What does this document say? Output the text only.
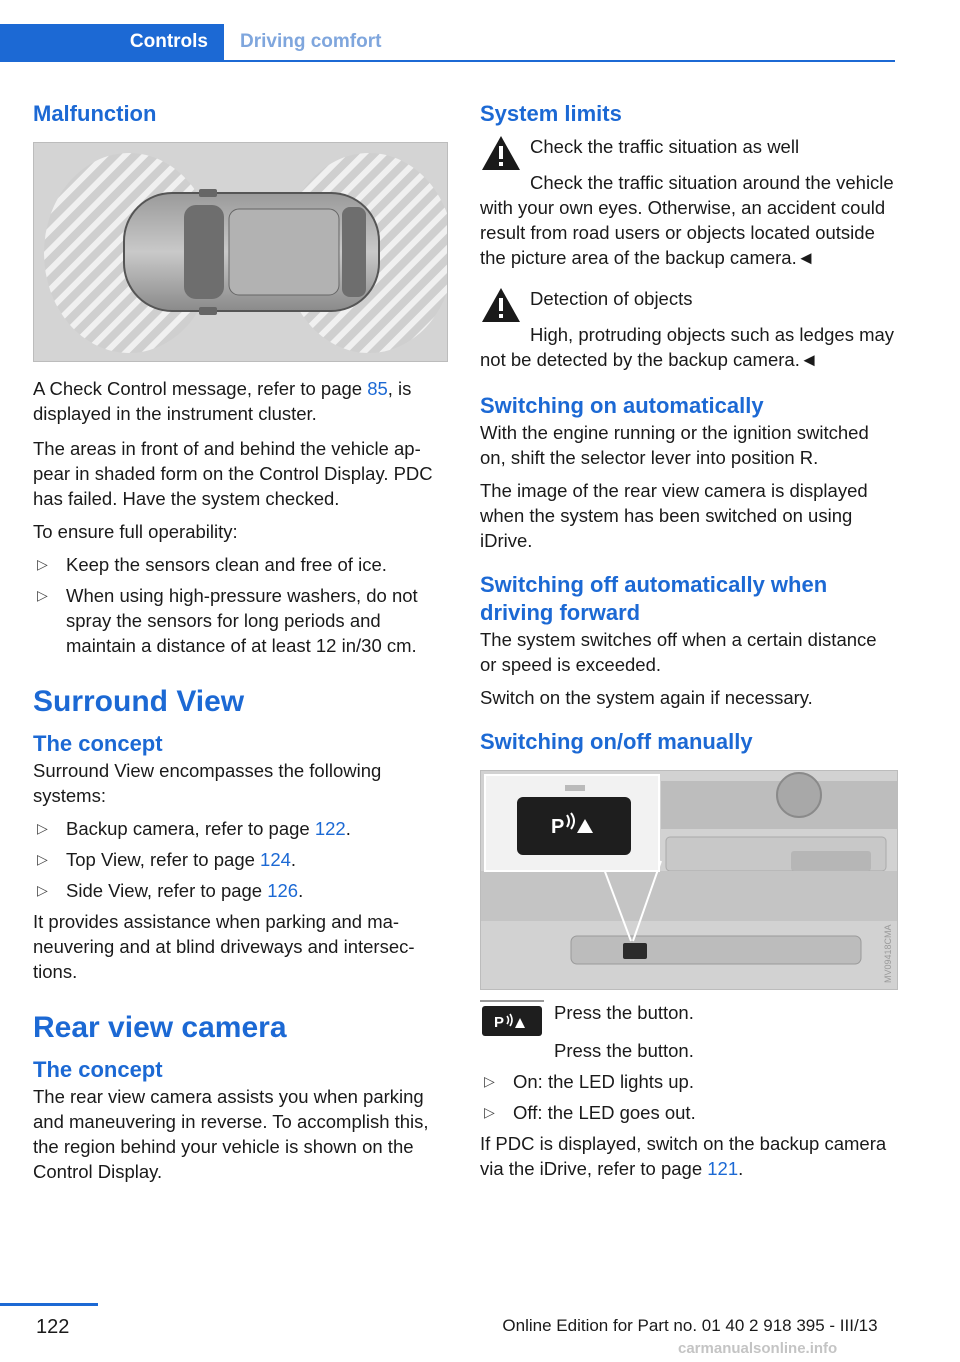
Controls	Driving comfort
Malfunction

A Check Control message, refer to page 85, is displayed in the instrument cluster.

The areas in front of and behind the vehicle appear in shaded form on the Control Display. PDC has failed. Have the system checked.

To ensure full operability:

▷ Keep the sensors clean and free of ice.
▷ When using high-pressure washers, do not spray the sensors for long periods and maintain a distance of at least 12 in/30 cm.
Surround View
The concept

Surround View encompasses the following systems:

▷ Backup camera, refer to page 122.
▷ Top View, refer to page 124.
▷ Side View, refer to page 126.

It provides assistance when parking and maneuvering and at blind driveways and intersections.

Rear view camera
The concept

The rear view camera assists you when parking and maneuvering in reverse. To accomplish this, the region behind your vehicle is shown on the Control Display.

System limits

Check the traffic situation as well

Check the traffic situation around the vehicle with your own eyes. Otherwise, an accident could result from road users or objects located outside the picture area of the backup camera.◄

Detection of objects

High, protruding objects such as ledges may not be detected by the backup camera.◄

Switching on automatically

With the engine running or the ignition switched on, shift the selector lever into position R.

The image of the rear view camera is displayed when the system has been switched on using iDrive.

Switching off automatically when driving forward

The system switches off when a certain distance or speed is exceeded.

Switch on the system again if necessary.

Switching on/off manually
P
MV09418CMA
P	Press the button.

Press the button.

▷ On: the LED lights up.
▷ Off: the LED goes out.

If PDC is displayed, switch on the backup camera via the iDrive, refer to page 121.

122	Online Edition for Part no. 01 40 2 918 395 - III/13
carmanualsonline.info
